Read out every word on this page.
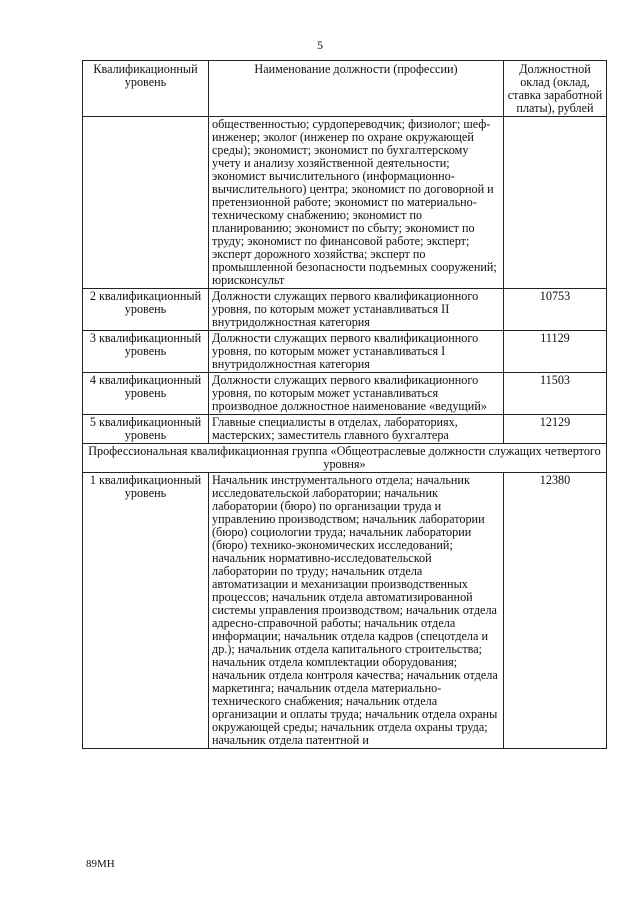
5
Квалификационный уровень	Наименование должности (профессии)	Должностной оклад (оклад, ставка заработной платы), рублей
	общественностью; сурдопереводчик; физиолог; шеф-инженер; эколог (инженер по охране окружающей среды); экономист; экономист по бухгалтерскому учету и анализу хозяйственной деятельности; экономист вычислительного (информационно-вычислительного) центра; экономист по договорной и претензионной работе; экономист по материально-техническому снабжению; экономист по планированию; экономист по сбыту; экономист по труду; экономист по финансовой работе; эксперт; эксперт дорожного хозяйства; эксперт по промышленной безопасности подъемных сооружений; юрисконсульт	
2 квалификационный уровень	Должности служащих первого квалификационного уровня, по которым может устанавливаться II внутридолжностная категория	10753
3 квалификационный уровень	Должности служащих первого квалификационного уровня, по которым может устанавливаться I внутридолжностная категория	11129
4 квалификационный уровень	Должности служащих первого квалификационного уровня, по которым может устанавливаться производное должностное наименование «ведущий»	11503
5 квалификационный уровень	Главные специалисты в отделах, лабораториях, мастерских; заместитель главного бухгалтера	12129
Профессиональная квалификационная группа «Общеотраслевые должности служащих четвертого уровня»		
1 квалификационный уровень	Начальник инструментального отдела; начальник исследовательской лаборатории; начальник лаборатории (бюро) по организации труда и управлению производством; начальник лаборатории (бюро) социологии труда; начальник лаборатории (бюро) технико-экономических исследований; начальник нормативно-исследовательской лаборатории по труду; начальник отдела автоматизации и механизации производственных процессов; начальник отдела автоматизированной системы управления производством; начальник отдела адресно-справочной работы; начальник отдела информации; начальник отдела кадров (спецотдела и др.); начальник отдела капитального строительства; начальник отдела комплектации оборудования; начальник отдела контроля качества; начальник отдела маркетинга; начальник отдела материально-технического снабжения; начальник отдела организации и оплаты труда; начальник отдела охраны окружающей среды; начальник отдела охраны труда; начальник отдела патентной и	12380
89МН
